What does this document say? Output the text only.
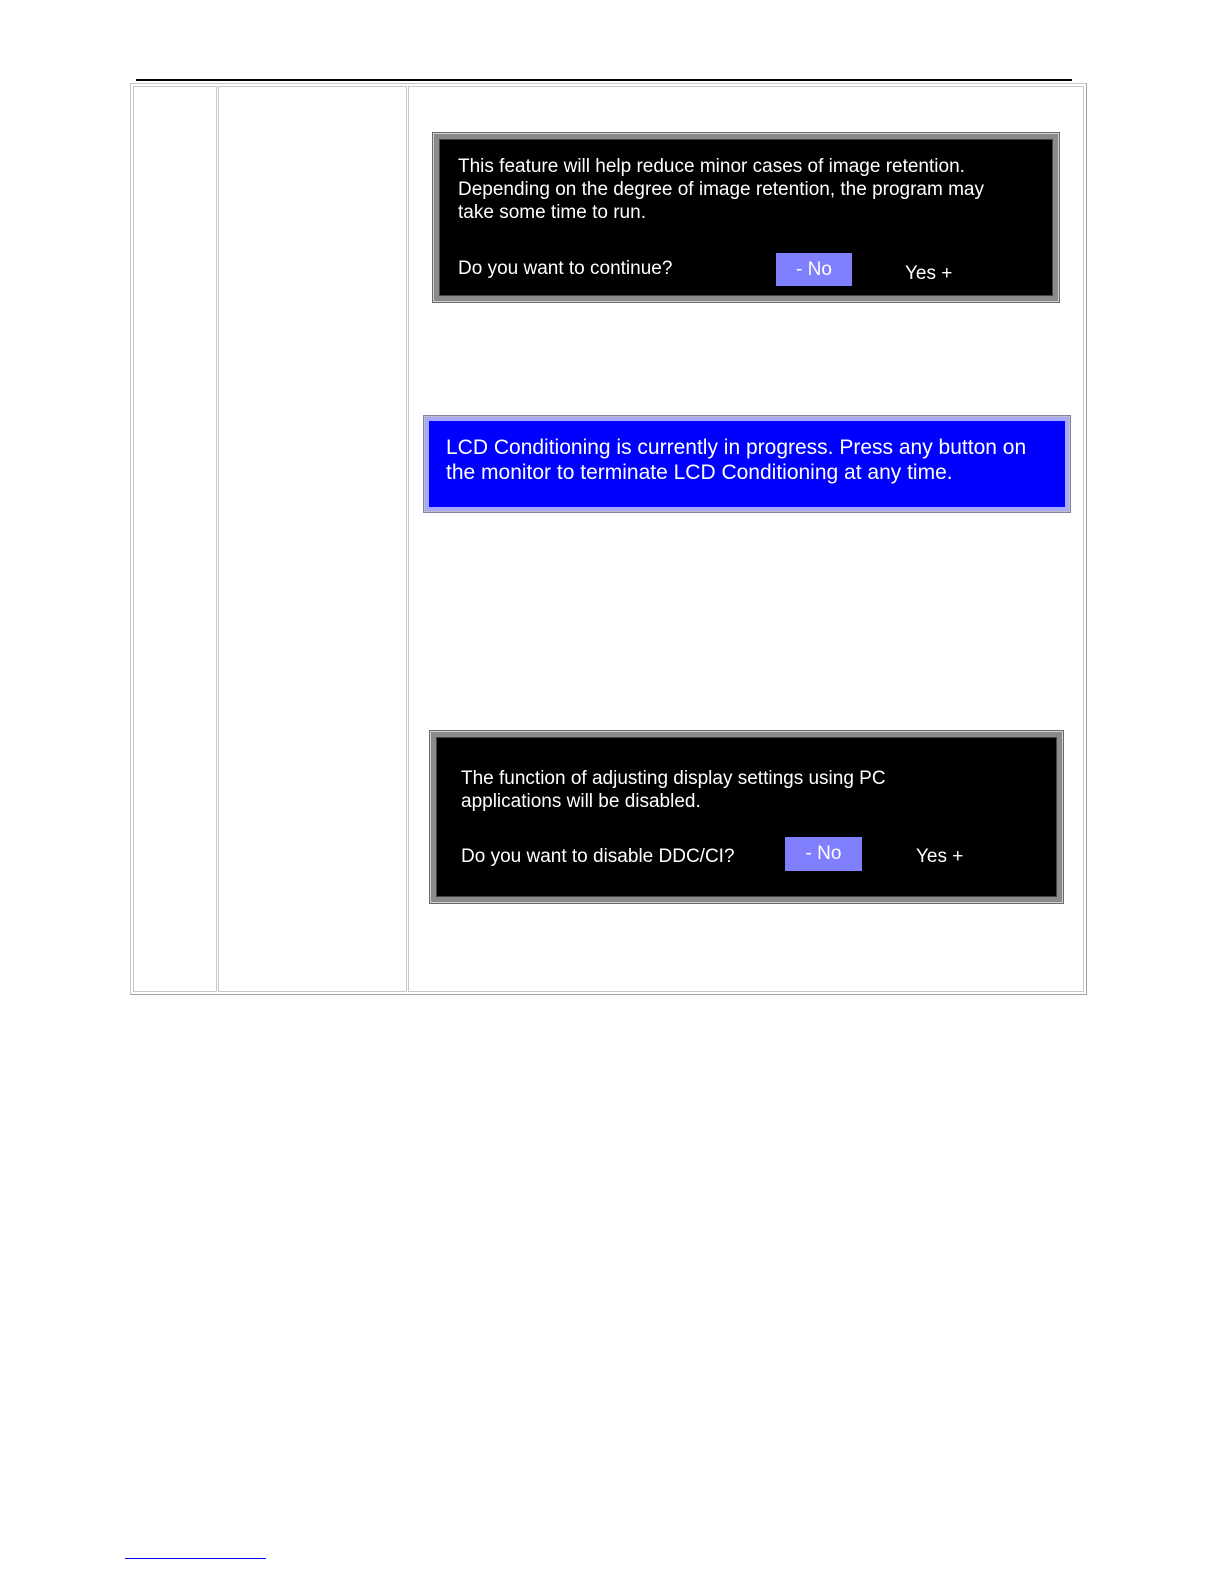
This feature will help reduce minor cases of image retention.
Depending on the degree of image retention, the program may
take some time to run.

Do you want to continue?	- No	Yes +

LCD Conditioning is currently in progress. Press any button on
the monitor to terminate LCD Conditioning at any time.

The function of adjusting display settings using PC
applications will be disabled.

Do you want to disable DDC/CI?	- No	Yes +
